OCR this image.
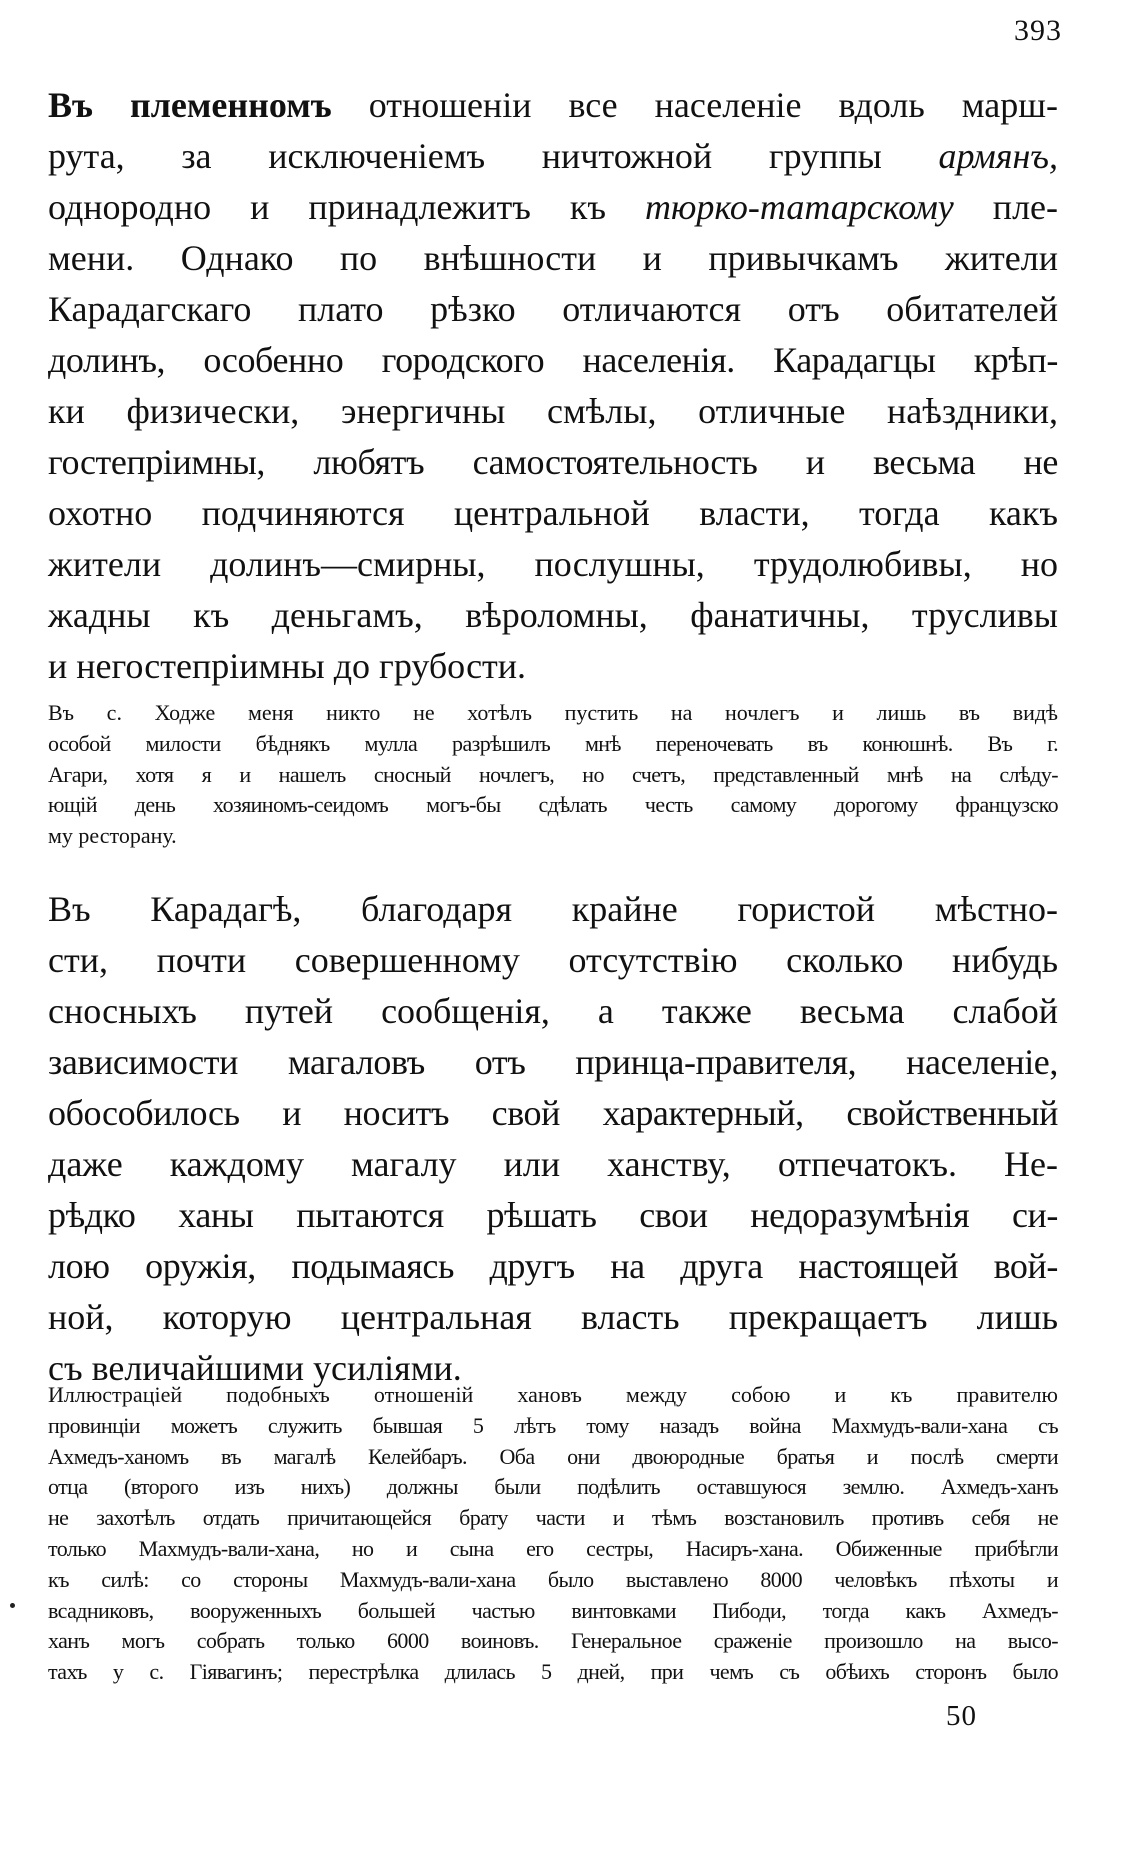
393
Въ племенномъ отношеніи все населеніе вдоль марш-
рута, за исключеніемъ ничтожной группы армянъ,
однородно и принадлежитъ къ тюрко-татарскому пле-
мени. Однако по внѣшности и привычкамъ жители
Карадагскаго плато рѣзко отличаются отъ обитателей
долинъ, особенно городского населенія. Карадагцы крѣп-
ки физически, энергичны смѣлы, отличные наѣздники,
гостепріимны, любятъ самостоятельность и весьма не
охотно подчиняются центральной власти, тогда какъ
жители долинъ—смирны, послушны, трудолюбивы, но
жадны къ деньгамъ, вѣроломны, фанатичны, трусливы
и негостепріимны до грубости.
Въ с. Ходже меня никто не хотѣлъ пустить на ночлегъ и лишь въ видѣ
особой милости бѣднякъ мулла разрѣшилъ мнѣ переночевать въ конюшнѣ. Въ г.
Агари, хотя я и нашелъ сносный ночлегъ, но счетъ, представленный мнѣ на слѣду-
ющій день хозяиномъ-сеидомъ могъ-бы сдѣлать честь самому дорогому французско
му ресторану.
Въ Карадагѣ, благодаря крайне гористой мѣстно-
сти, почти совершенному отсутствію сколько нибудь
сносныхъ путей сообщенія, а также весьма слабой
зависимости магаловъ отъ принца-правителя, населеніе,
обособилось и носитъ свой характерный, свойственный
даже каждому магалу или ханству, отпечатокъ. Не-
рѣдко ханы пытаются рѣшать свои недоразумѣнія си-
лою оружія, подымаясь другъ на друга настоящей вой-
ной, которую центральная власть прекращаетъ лишь
съ величайшими усиліями.
Иллюстраціей подобныхъ отношеній хановъ между собою и къ правителю
провинціи можетъ служить бывшая 5 лѣтъ тому назадъ война Махмудъ-вали-хана съ
Ахмедъ-ханомъ въ магалѣ Келейбаръ. Оба они двоюродные братья и послѣ смерти
отца (второго изъ нихъ) должны были подѣлить оставшуюся землю. Ахмедъ-ханъ
не захотѣлъ отдать причитающейся брату части и тѣмъ возстановилъ противъ себя не
только Махмудъ-вали-хана, но и сына его сестры, Насиръ-хана. Обиженные прибѣгли
къ силѣ: со стороны Махмудъ-вали-хана было выставлено 8000 человѣкъ пѣхоты и
всадниковъ, вооруженныхъ большей частью винтовками Пибоди, тогда какъ Ахмедъ-
ханъ могъ собрать только 6000 воиновъ. Генеральное сраженіе произошло на высо-
тахъ у с. Гіявагинъ; перестрѣлка длилась 5 дней, при чемъ съ обѣихъ сторонъ было
50
